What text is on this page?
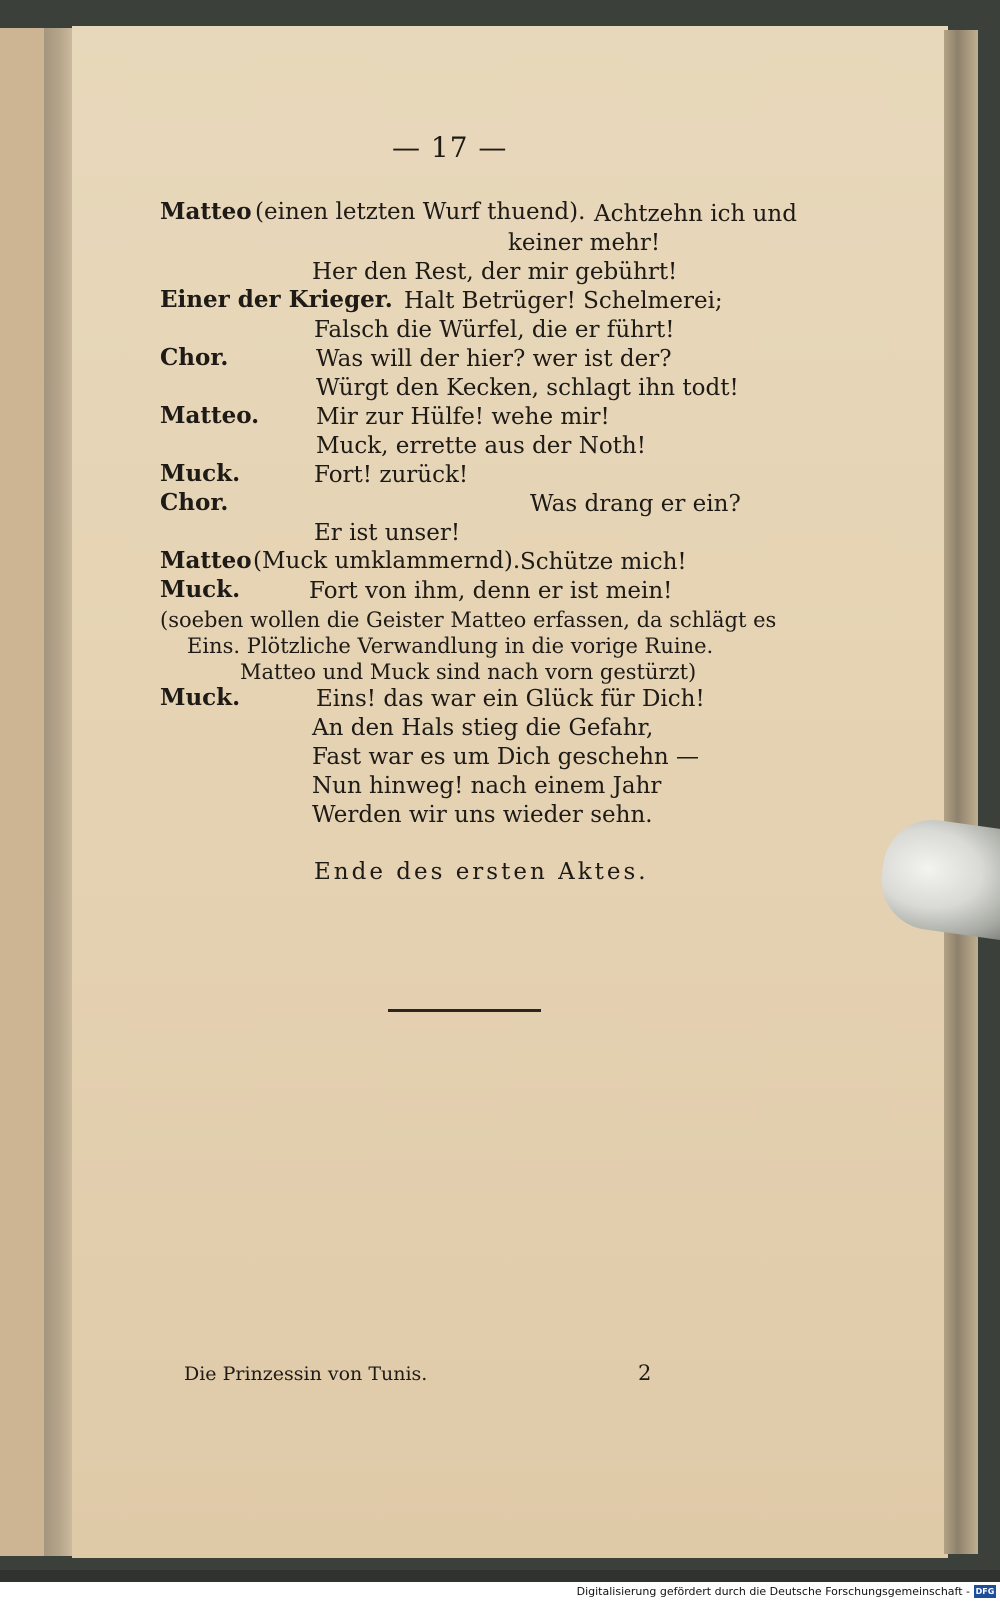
— 17 —
Matteo (einen letzten Wurf thuend). Achtzehn ich und
keiner mehr!
Her den Rest, der mir gebührt!
Einer der Krieger. Halt Betrüger! Schelmerei;
Falsch die Würfel, die er führt!
Chor.	Was will der hier? wer ist der?
Würgt den Kecken, schlagt ihn todt!
Matteo. Mir zur Hülfe! wehe mir!
Muck, errette aus der Noth!
Muck.	Fort! zurück!
Chor.	Was drang er ein?
Er ist unser!
Matteo (Muck umklammernd). Schütze mich!
Muck.	Fort von ihm, denn er ist mein!
(soeben wollen die Geister Matteo erfassen, da schlägt es
Eins. Plötzliche Verwandlung in die vorige Ruine.
Matteo und Muck sind nach vorn gestürzt)
Muck.	Eins! das war ein Glück für Dich!
An den Hals stieg die Gefahr,
Fast war es um Dich geschehn —
Nun hinweg! nach einem Jahr
Werden wir uns wieder sehn.
Ende des ersten Aktes.
Die Prinzessin von Tunis.	2
Digitalisierung gefördert durch die Deutsche Forschungsgemeinschaft - DFG
